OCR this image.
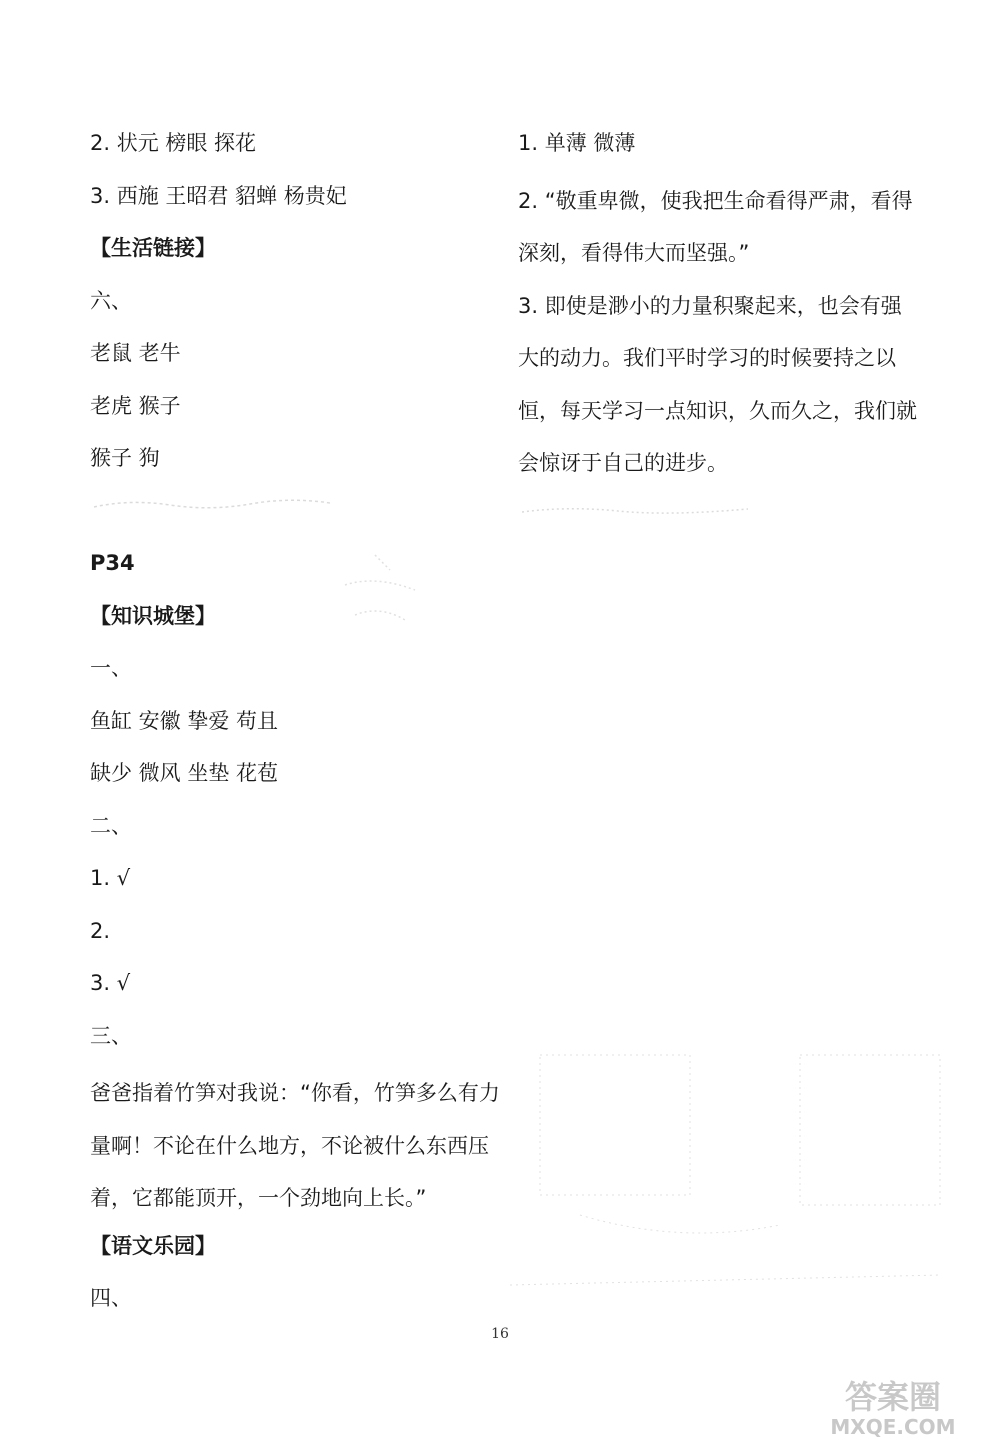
2. 状元 榜眼 探花
3. 西施 王昭君 貂蝉 杨贵妃
【生活链接】
六、
老鼠 老牛
老虎 猴子
猴子 狗
P34
【知识城堡】
一、
鱼缸 安徽 挚爱 苟且
缺少 微风 坐垫 花苞
二、
1. √
2.
3. √
三、
爸爸指着竹笋对我说：“你看，竹笋多么有力量啊！不论在什么地方，不论被什么东西压着，它都能顶开，一个劲地向上长。”
【语文乐园】
四、
1. 单薄 微薄
2. “敬重卑微，使我把生命看得严肃，看得深刻，看得伟大而坚强。”
3. 即使是渺小的力量积聚起来，也会有强大的动力。我们平时学习的时候要持之以恒，每天学习一点知识，久而久之，我们就会惊讶于自己的进步。
16
答案圈
MXQE.COM
